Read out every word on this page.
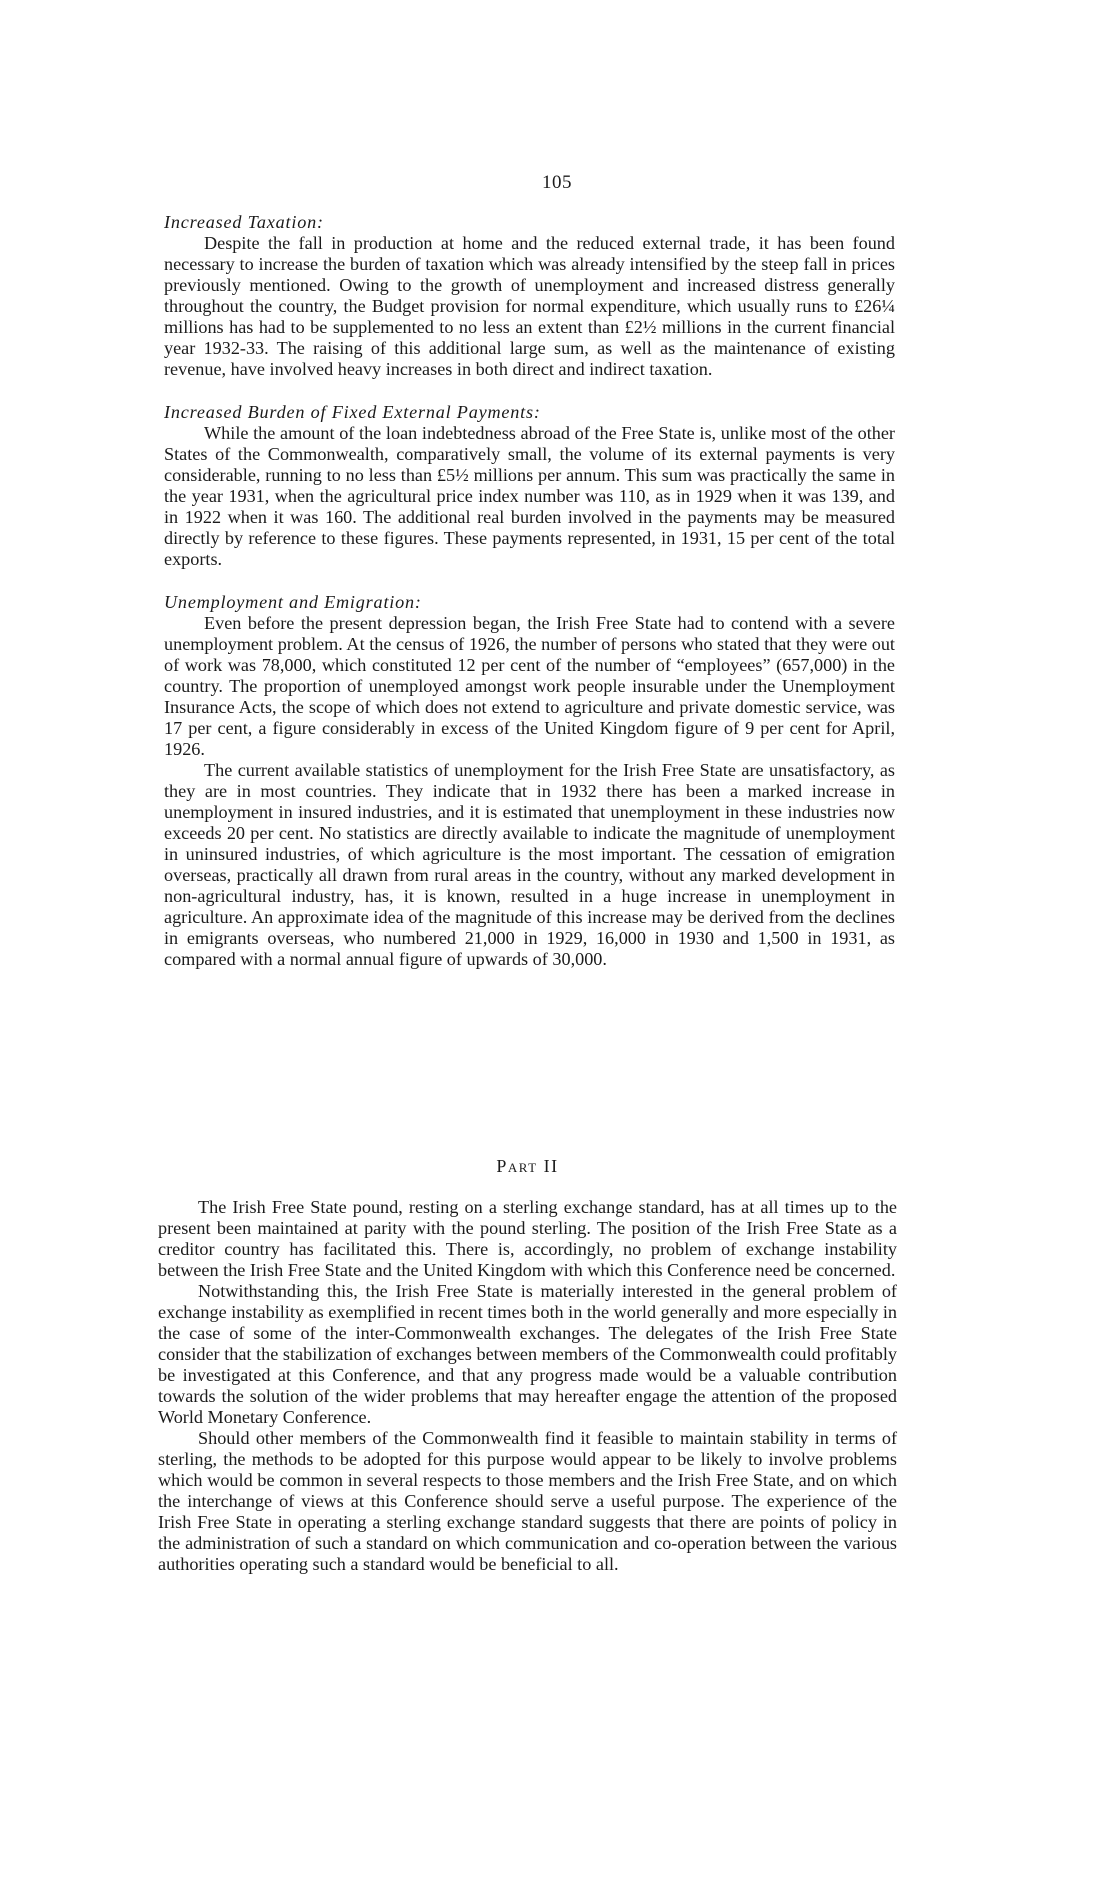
105

Increased Taxation:

Despite the fall in production at home and the reduced external trade, it has been found necessary to increase the burden of taxation which was already intensified by the steep fall in prices previously mentioned. Owing to the growth of unemployment and increased distress generally throughout the country, the Budget provision for normal expenditure, which usually runs to £26¼ millions has had to be supplemented to no less an extent than £2½ millions in the current financial year 1932-33. The raising of this additional large sum, as well as the maintenance of existing revenue, have involved heavy increases in both direct and indirect taxation.

Increased Burden of Fixed External Payments:

While the amount of the loan indebtedness abroad of the Free State is, unlike most of the other States of the Commonwealth, comparatively small, the volume of its external payments is very considerable, running to no less than £5½ millions per annum. This sum was practically the same in the year 1931, when the agricultural price index number was 110, as in 1929 when it was 139, and in 1922 when it was 160. The additional real burden involved in the payments may be measured directly by reference to these figures. These payments represented, in 1931, 15 per cent of the total exports.

Unemployment and Emigration:

Even before the present depression began, the Irish Free State had to contend with a severe unemployment problem. At the census of 1926, the number of persons who stated that they were out of work was 78,000, which constituted 12 per cent of the number of “employees” (657,000) in the country. The proportion of unemployed amongst work people insurable under the Unemployment Insurance Acts, the scope of which does not extend to agriculture and private domestic service, was 17 per cent, a figure considerably in excess of the United Kingdom figure of 9 per cent for April, 1926.

The current available statistics of unemployment for the Irish Free State are unsatisfactory, as they are in most countries. They indicate that in 1932 there has been a marked increase in unemployment in insured industries, and it is estimated that unemployment in these industries now exceeds 20 per cent. No statistics are directly available to indicate the magnitude of unemployment in uninsured industries, of which agriculture is the most important. The cessation of emigration overseas, practically all drawn from rural areas in the country, without any marked development in non-agricultural industry, has, it is known, resulted in a huge increase in unemployment in agriculture. An approximate idea of the magnitude of this increase may be derived from the declines in emigrants overseas, who numbered 21,000 in 1929, 16,000 in 1930 and 1,500 in 1931, as compared with a normal annual figure of upwards of 30,000.

Part II

The Irish Free State pound, resting on a sterling exchange standard, has at all times up to the present been maintained at parity with the pound sterling. The position of the Irish Free State as a creditor country has facilitated this. There is, accordingly, no problem of exchange instability between the Irish Free State and the United Kingdom with which this Conference need be concerned.

Notwithstanding this, the Irish Free State is materially interested in the general problem of exchange instability as exemplified in recent times both in the world generally and more especially in the case of some of the inter-Commonwealth exchanges. The delegates of the Irish Free State consider that the stabilization of exchanges between members of the Commonwealth could profitably be investigated at this Conference, and that any progress made would be a valuable contribution towards the solution of the wider problems that may hereafter engage the attention of the proposed World Monetary Conference.

Should other members of the Commonwealth find it feasible to maintain stability in terms of sterling, the methods to be adopted for this purpose would appear to be likely to involve problems which would be common in several respects to those members and the Irish Free State, and on which the interchange of views at this Conference should serve a useful purpose. The experience of the Irish Free State in operating a sterling exchange standard suggests that there are points of policy in the administration of such a standard on which communication and co-operation between the various authorities operating such a standard would be beneficial to all.
